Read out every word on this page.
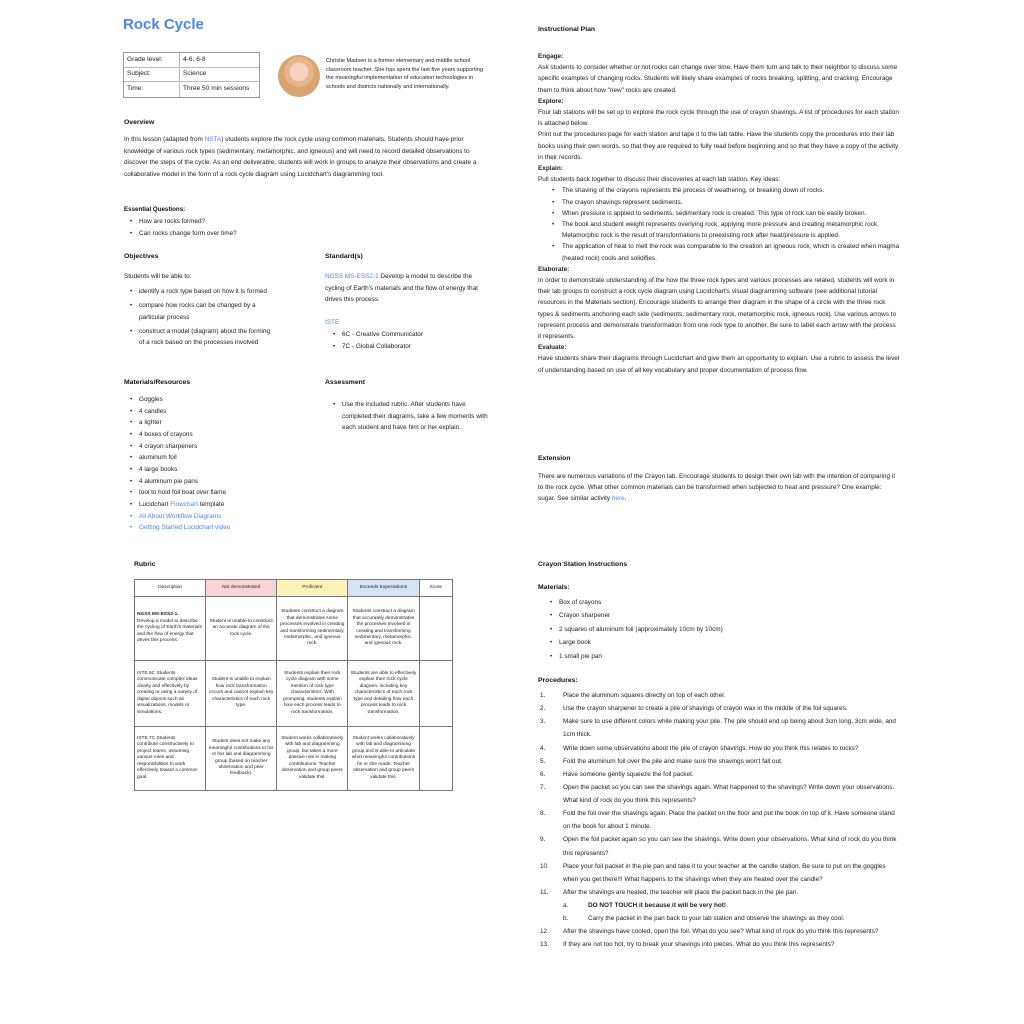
Rock Cycle
Grade level:	4-6, 6-8
Subject:	Science
Time:	Three 50 min sessions
Christie Madsen is a former elementary and middle school classroom teacher. She has spent the last five years supporting the meaningful implementation of education technologies in schools and districts nationally and internationally.
Overview
In this lesson (adapted from NSTA) students explore the rock cycle using common materials. Students should have prior knowledge of various rock types (sedimentary, metamorphic, and igneous) and will need to record detailed observations to discover the steps of the cycle. As an end deliverable, students will work in groups to analyze their observations and create a collaborative model in the form of a rock cycle diagram using Lucidchart's diagramming tool.
Essential Questions:
• How are rocks formed?
• Can rocks change form over time?
Objectives
Students will be able to:
• identify a rock type based on how it is formed
• compare how rocks can be changed by a particular process
• construct a model (diagram) about the forming of a rock based on the processes involved
Standard(s)
NGSS MS-ESS2-1 Develop a model to describe the cycling of Earth's materials and the flow of energy that drives this process.
ISTE
• 6C - Creative Communicator
• 7C - Global Collaborator
Materials/Resources
• Goggles
• 4 candles
• a lighter
• 4 boxes of crayons
• 4 crayon sharpeners
• aluminum foil
• 4 large books
• 4 aluminum pie pans
• tool to hold foil boat over flame
• Lucidchart Flowchart template
• All About Workflow Diagrams
• Getting Started Lucidchart video
Assessment
• Use the included rubric. After students have completed their diagrams, take a few moments with each student and have him or her explain.
Instructional Plan
Engage:
Ask students to consider whether or not rocks can change over time. Have them turn and talk to their neighbor to discuss some specific examples of changing rocks. Students will likely share examples of rocks breaking, splitting, and cracking. Encourage them to think about how "new" rocks are created.
Explore:
Four lab stations will be set up to explore the rock cycle through the use of crayon shavings. A list of procedures for each station is attached below.
Print out the procedures page for each station and tape it to the lab table. Have the students copy the procedures into their lab books using their own words, so that they are required to fully read before beginning and so that they have a copy of the activity in their records.
Explain:
Pull students back together to discuss their discoveries at each lab station. Key ideas:
• The shaving of the crayons represents the process of weathering, or breaking down of rocks.
• The crayon shavings represent sediments.
• When pressure is applied to sediments, sedimentary rock is created. This type of rock can be easily broken.
• The book and student weight represents overlying rock, applying more pressure and creating metamorphic rock. Metamorphic rock is the result of transformations to preexisting rock after heat/pressure is applied.
• The application of heat to melt the rock was comparable to the creation an igneous rock, which is created when magma (heated rock) cools and solidifies.
Elaborate:
In order to demonstrate understanding of the how the three rock types and various processes are related, students will work in their lab groups to construct a rock cycle diagram using Lucidchart's visual diagramming software (see additional tutorial resources in the Materials section). Encourage students to arrange their diagram in the shape of a circle with the three rock types & sediments anchoring each side (sediments, sedimentary rock, metamorphic rock, igneous rock). Use various arrows to represent process and demonstrate transformation from one rock type to another. Be sure to label each arrow with the process it represents.
Evaluate:
Have students share their diagrams through Lucidchart and give them an opportunity to explain. Use a rubric to assess the level of understanding based on use of all key vocabulary and proper documentation of process flow.
Extension
There are numerous variations of the Crayon lab. Encourage students to design their own lab with the intention of comparing it to the rock cycle. What other common materials can be transformed when subjected to heat and pressure? One example: sugar. See similar activity here.
Rubric
Description	Not demonstrated	Proficient	Exceeds Expectations	Score
NGSS MS-ESS2-1.
Develop a model to describe the cycling of Earth's materials and the flow of energy that drives this process.	Student is unable to construct an accurate diagram of the rock cycle.	Students construct a diagram that demonstrates some processes involved in creating and transforming sedimentary, metamorphic, and igneous rock.	Students construct a diagram that accurately demonstrates the processes involved in creating and transforming sedimentary, metamorphic, and igneous rock.	
ISTE 6C Students
communicate complex ideas clearly and effectively by creating or using a variety of digital objects such as visualizations, models or simulations.	Student is unable to explain how rock transformation occurs and cannot explain key characteristics of each rock type.	Students explain their rock cycle diagram with some mention of rock type characteristics. With prompting, students explain how each process leads to rock transformation.	Students are able to effectively explain their rock cycle diagram, including key characteristics of each rock type and detailing how each process leads to rock transformation.	
ISTE 7C Students
contribute constructively to project teams, assuming various roles and responsibilities to work effectively toward a common goal.	Student does not make any meaningful contributions to his or her lab and diagramming group (based on teacher observation and peer feedback).	Student works collaboratively with lab and diagramming group, but takes a more passive role in making contributions. Teacher observation and group peers validate this.	Student works collaboratively with lab and diagramming group and is able to articulate what meaningful contributions he or she made. Teacher observation and group peers validate this.	
Crayon Station Instructions
Materials:
• Box of crayons
• Crayon sharpener
• 2 squares of aluminum foil (approximately 10cm by 10cm)
• Large book
• 1 small pie pan
Procedures:
1.	Place the aluminum squares directly on top of each other.
2.	Use the crayon sharpener to create a pile of shavings of crayon wax in the middle of the foil squares.
3.	Make sure to use different colors while making your pile. The pile should end up being about 3cm long, 3cm wide, and 1cm thick.
4.	Write down some observations about the pile of crayon shavings. How do you think this relates to rocks?
5.	Fold the aluminum foil over the pile and make sure the shavings won't fall out.
6.	Have someone gently squeeze the foil packet.
7.	Open the packet so you can see the shavings again. What happened to the shavings? Write down your observations. What kind of rock do you think this represents?
8.	Fold the foil over the shavings again. Place the packet on the floor and put the book on top of it. Have someone stand on the book for about 1 minute.
9.	Open the foil packet again so you can see the shavings. Write down your observations. What kind of rock do you think this represents?
10. Place your foil packet in the pie pan and take it to your teacher at the candle station. Be sure to put on the goggles when you get there!!! What happens to the shavings when they are heated over the candle?
11. After the shavings are heated, the teacher will place the packet back in the pie pan.
a.	DO NOT TOUCH it because it will be very hot!
b.	Carry the packet in the pan back to your lab station and observe the shavings as they cool.
12. After the shavings have cooled, open the foil. What do you see? What kind of rock do you think this represents?
13. If they are not too hot, try to break your shavings into pieces. What do you think this represents?
